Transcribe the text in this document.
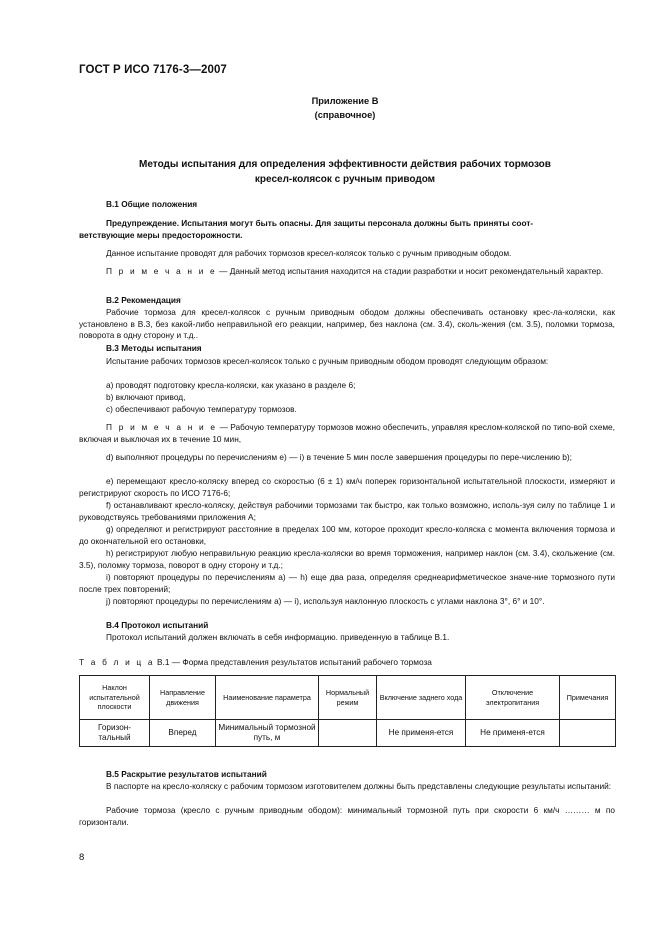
ГОСТ Р ИСО 7176-3—2007
Приложение В
(справочное)
Методы испытания для определения эффективности действия рабочих тормозов
кресел-колясок с ручным приводом
В.1 Общие положения
Предупреждение. Испытания могут быть опасны. Для защиты персонала должны быть приняты соот-
ветствующие меры предосторожности.
Данное испытание проводят для рабочих тормозов кресел-колясок только с ручным приводным ободом.
П р и м е ч а н и е — Данный метод испытания находится на стадии разработки и носит рекомендательный характер.
В.2 Рекомендация
Рабочие тормоза для кресел-колясок с ручным приводным ободом должны обеспечивать остановку крес-ла-коляски, как установлено в В.3, без какой-либо неправильной его реакции, например, без наклона (см. 3.4), сколь-жения (см. 3.5), поломки тормоза, поворота в одну сторону и т.д..
В.3 Методы испытания
Испытание рабочих тормозов кресел-колясок только с ручным приводным ободом проводят следующим образом:
a) проводят подготовку кресла-коляски, как указано в разделе 6;
b) включают привод,
c) обеспечивают рабочую температуру тормозов.
П р и м е ч а н и е — Рабочую температуру тормозов можно обеспечить, управляя креслом-коляской по типо-вой схеме, включая и выключая их в течение 10 мин,
d) выполняют процедуры по перечислениям е) — i) в течение 5 мин после завершения процедуры по пере-числению b);
e) перемещают кресло-коляску вперед со скоростью (6 ± 1) км/ч поперек горизонтальной испытательной плоскости, измеряют и регистрируют скорость по ИСО 7176-6;
f) останавливают кресло-коляску, действуя рабочими тормозами так быстро, как только возможно, исполь-зуя силу по таблице 1 и руководствуясь требованиями приложения А;
g) определяют и регистрируют расстояние в пределах 100 мм, которое проходит кресло-коляска с момента включения тормоза и до окончательной его остановки,
h) регистрируют любую неправильную реакцию кресла-коляски во время торможения, например наклон (см. 3.4), скольжение (см. 3.5), поломку тормоза, поворот в одну сторону и т.д.;
i) повторяют процедуры по перечислениям а) — h) еще два раза, определяя среднеарифметическое значе-ние тормозного пути после трех повторений;
j) повторяют процедуры по перечислениям а) — i), используя наклонную плоскость с углами наклона 3°, 6° и 10°.
В.4 Протокол испытаний
Протокол испытаний должен включать в себя информацию. приведенную в таблице В.1.
Т а б л и ц а В.1 — Форма представления результатов испытаний рабочего тормоза
Наклон испытательной плоскости	Направление движения	Наименование параметра	Нормальный режим	Включение заднего хода	Отключение электропитания	Примечания
Горизон-тальный	Вперед	Минимальный тормозной путь, м		Не применя-ется	Не применя-ется	
В.5 Раскрытие результатов испытаний
В паспорте на кресло-коляску с рабочим тормозом изготовителем должны быть представлены следующие результаты испытаний:
Рабочие тормоза (кресло с ручным приводным ободом): минимальный тормозной путь при скорости 6 км/ч ……… м по горизонтали.
8
